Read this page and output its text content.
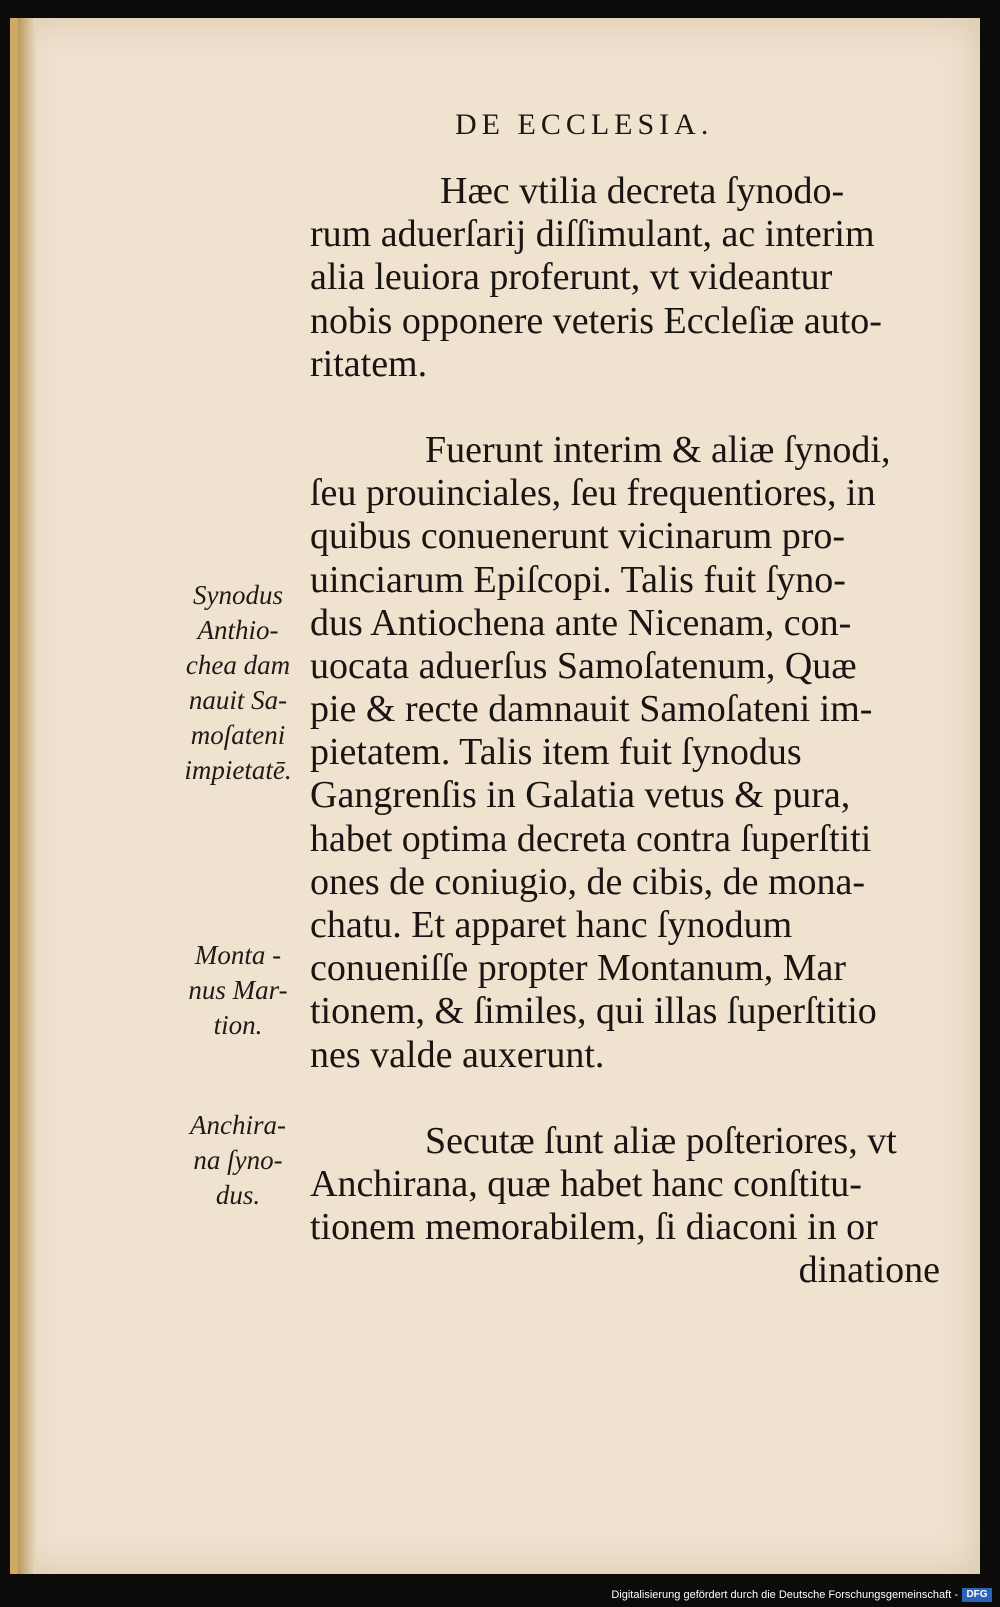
DE ECCLESIA.
Hæc vtilia decreta ſynodo-
rum aduerſarij diſſimulant, ac interim
alia leuiora proferunt, vt videantur
nobis opponere veteris Eccleſiæ auto-
ritatem.
Fuerunt interim & aliæ ſynodi,
ſeu prouinciales, ſeu frequentiores, in
quibus conuenerunt vicinarum pro-
uinciarum Epiſcopi. Talis fuit ſyno-
dus Antiochena ante Nicenam, con-
uocata aduerſus Samoſatenum, Quæ
pie & recte damnauit Samoſateni im-
pietatem. Talis item fuit ſynodus
Gangrenſis in Galatia vetus & pura,
habet optima decreta contra ſuperſtiti
ones de coniugio, de cibis, de mona-
chatu. Et apparet hanc ſynodum
conueniſſe propter Montanum, Mar
tionem, & ſimiles, qui illas ſuperſtitio
nes valde auxerunt.
Secutæ ſunt aliæ poſteriores, vt
Anchirana, quæ habet hanc conſtitu-
tionem memorabilem, ſi diaconi in or
dinatione
Synodus
Anthio-
chea dam
nauit Sa-
moſateni
impietatē.
Monta -
nus Mar-
tion.
Anchira-
na ſyno-
dus.
Digitalisierung gefördert durch die Deutsche Forschungsgemeinschaft - DFG
